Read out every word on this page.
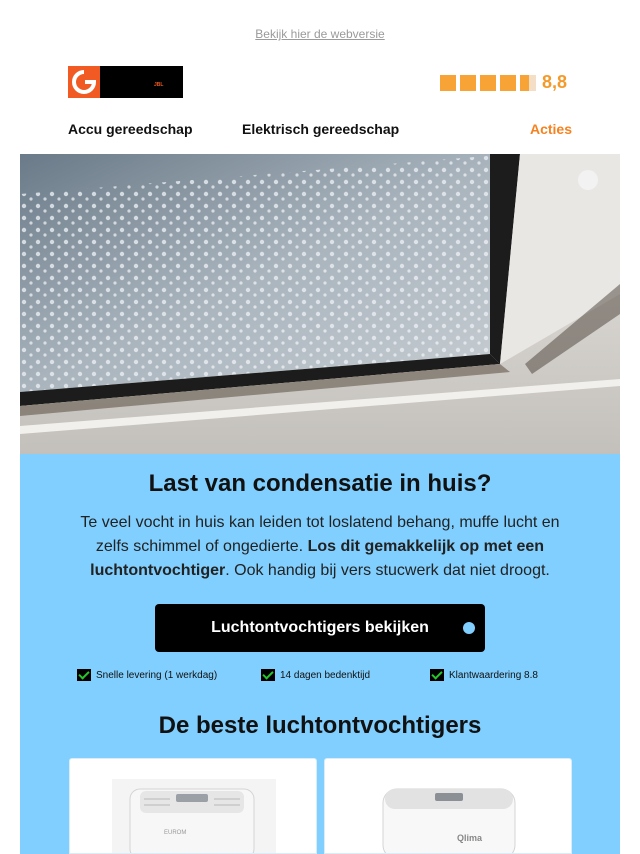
Bekijk hier de webversie
JBL	8,8
Accu gereedschap	Elektrisch gereedschap	Acties
Last van condensatie in huis?

Te veel vocht in huis kan leiden tot loslatend behang, muffe lucht en zelfs schimmel of ongedierte. Los dit gemakkelijk op met een luchtontvochtiger. Ook handig bij vers stucwerk dat niet droogt.

Luchtontvochtigers bekijken
Snelle levering (1 werkdag)	14 dagen bedenktijd	Klantwaardering 8.8
De beste luchtontvochtigers
EUROM	Qlima
